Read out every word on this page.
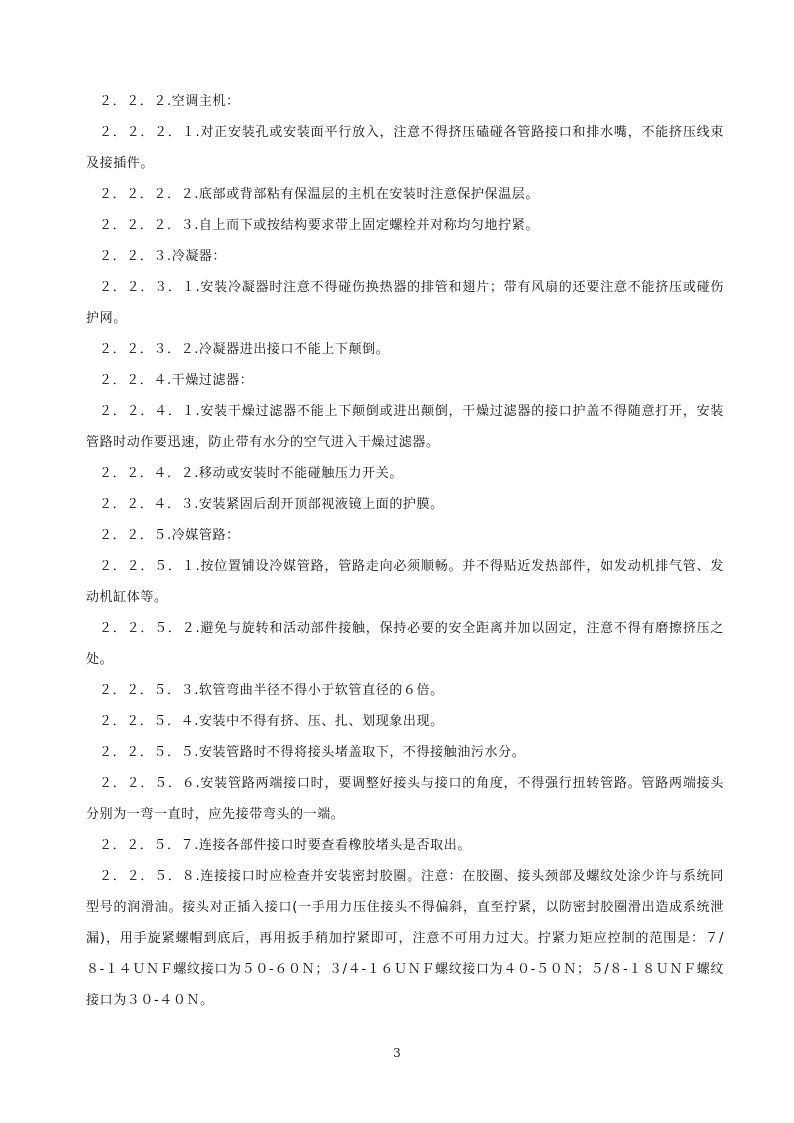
２．２．２.空调主机：

２．２．２．１.对正安装孔或安装面平行放入，注意不得挤压磕碰各管路接口和排水嘴，不能挤压线束及接插件。

２．２．２．２.底部或背部粘有保温层的主机在安装时注意保护保温层。

２．２．２．３.自上而下或按结构要求带上固定螺栓并对称均匀地拧紧。

２．２．３.冷凝器：

２．２．３．１.安装冷凝器时注意不得碰伤换热器的排管和翅片；带有风扇的还要注意不能挤压或碰伤护网。

２．２．３．２.冷凝器进出接口不能上下颠倒。

２．２．４.干燥过滤器：

２．２．４．１.安装干燥过滤器不能上下颠倒或进出颠倒，干燥过滤器的接口护盖不得随意打开，安装管路时动作要迅速，防止带有水分的空气进入干燥过滤器。

２．２．４．２.移动或安装时不能碰触压力开关。

２．２．４．３.安装紧固后刮开顶部视液镜上面的护膜。

２．２．５.冷媒管路：

２．２．５．１.按位置铺设冷媒管路，管路走向必须顺畅。并不得贴近发热部件，如发动机排气管、发动机缸体等。

２．２．５．２.避免与旋转和活动部件接触，保持必要的安全距离并加以固定，注意不得有磨擦挤压之处。

２．２．５．３.软管弯曲半径不得小于软管直径的６倍。

２．２．５．４.安装中不得有挤、压、扎、划现象出现。

２．２．５．５.安装管路时不得将接头堵盖取下，不得接触油污水分。

２．２．５．６.安装管路两端接口时，要调整好接头与接口的角度，不得强行扭转管路。管路两端接头分别为一弯一直时，应先接带弯头的一端。

２．２．５．７.连接各部件接口时要查看橡胶堵头是否取出。

２．２．５．８.连接接口时应检查并安装密封胶圈。注意：在胶圈、接头颈部及螺纹处涂少许与系统同型号的润滑油。接头对正插入接口(一手用力压住接头不得偏斜，直至拧紧，以防密封胶圈滑出造成系统泄漏)，用手旋紧螺帽到底后，再用扳手稍加拧紧即可，注意不可用力过大。拧紧力矩应控制的范围是：７/８-１４ＵＮＦ螺纹接口为５０-６０Ｎ；３/４-１６ＵＮＦ螺纹接口为４０-５０Ｎ；５/８-１８ＵＮＦ螺纹接口为３０-４０Ｎ。

3
